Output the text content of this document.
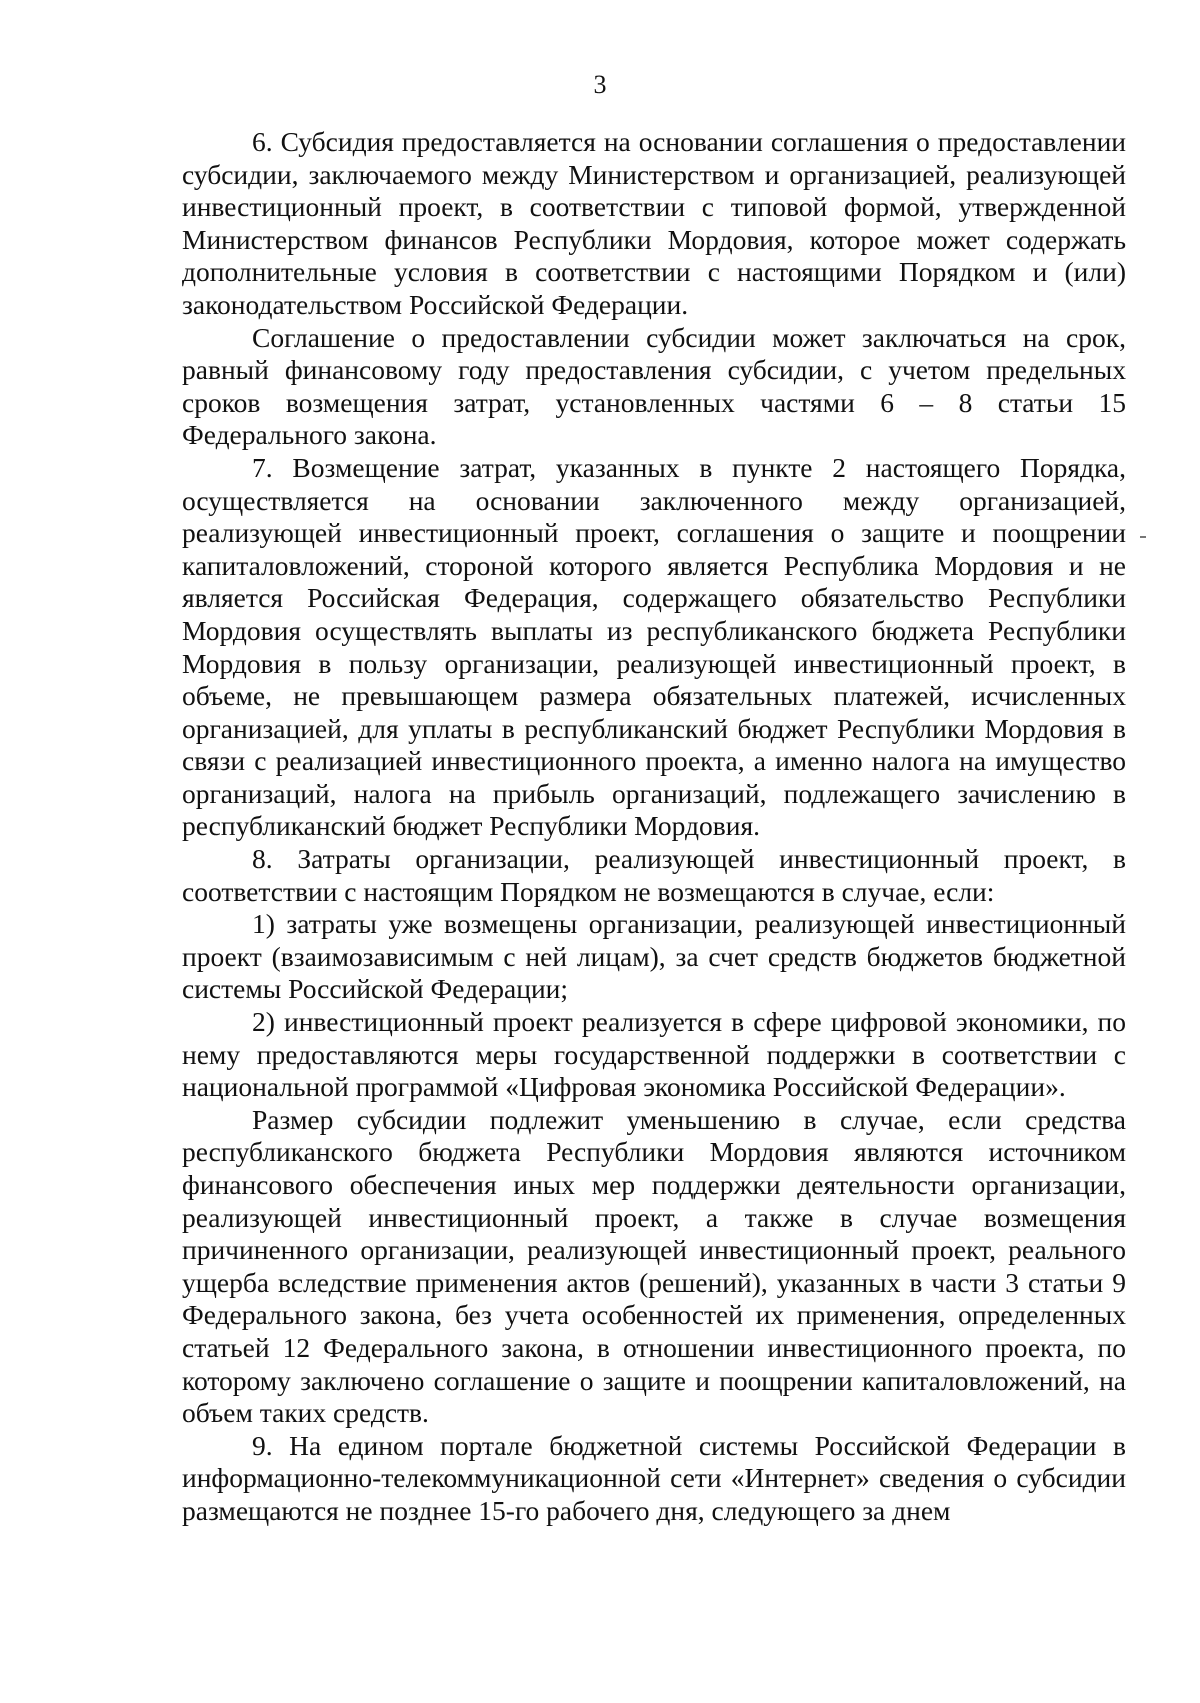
3

6. Субсидия предоставляется на основании соглашения о предоставлении субсидии, заключаемого между Министерством и организацией, реализующей инвестиционный проект, в соответствии с типовой формой, утвержденной Министерством финансов Республики Мордовия, которое может содержать дополнительные условия в соответствии с настоящими Порядком и (или) законодательством Российской Федерации.

Соглашение о предоставлении субсидии может заключаться на срок, равный финансовому году предоставления субсидии, с учетом предельных сроков возмещения затрат, установленных частями 6 – 8 статьи 15 Федерального закона.

7. Возмещение затрат, указанных в пункте 2 настоящего Порядка, осуществляется на основании заключенного между организацией, реализующей инвестиционный проект, соглашения о защите и поощрении капиталовложений, стороной которого является Республика Мордовия и не является Российская Федерация, содержащего обязательство Республики Мордовия осуществлять выплаты из республиканского бюджета Республики Мордовия в пользу организации, реализующей инвестиционный проект, в объеме, не превышающем размера обязательных платежей, исчисленных организацией, для уплаты в республиканский бюджет Республики Мордовия в связи с реализацией инвестиционного проекта, а именно налога на имущество организаций, налога на прибыль организаций, подлежащего зачислению в республиканский бюджет Республики Мордовия.

8. Затраты организации, реализующей инвестиционный проект, в соответствии с настоящим Порядком не возмещаются в случае, если:

1) затраты уже возмещены организации, реализующей инвестиционный проект (взаимозависимым с ней лицам), за счет средств бюджетов бюджетной системы Российской Федерации;

2) инвестиционный проект реализуется в сфере цифровой экономики, по нему предоставляются меры государственной поддержки в соответствии с национальной программой «Цифровая экономика Российской Федерации».

Размер субсидии подлежит уменьшению в случае, если средства республиканского бюджета Республики Мордовия являются источником финансового обеспечения иных мер поддержки деятельности организации, реализующей инвестиционный проект, а также в случае возмещения причиненного организации, реализующей инвестиционный проект, реального ущерба вследствие применения актов (решений), указанных в части 3 статьи 9 Федерального закона, без учета особенностей их применения, определенных статьей 12 Федерального закона, в отношении инвестиционного проекта, по которому заключено соглашение о защите и поощрении капиталовложений, на объем таких средств.

9. На едином портале бюджетной системы Российской Федерации в информационно-телекоммуникационной сети «Интернет» сведения о субсидии размещаются не позднее 15-го рабочего дня, следующего за днем
